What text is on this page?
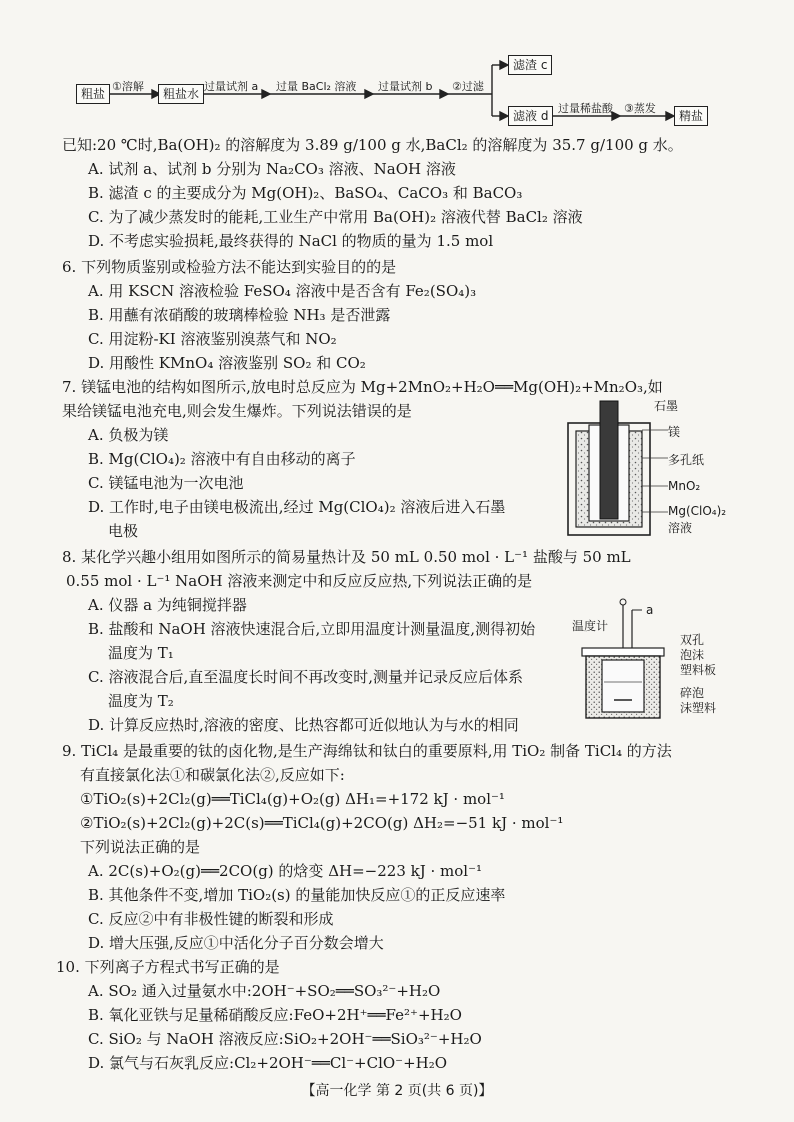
粗盐
①溶解
粗盐水
过量试剂 a 过量 BaCl₂ 溶液 过量试剂 b ②过滤
滤渣 c
滤液 d
过量稀盐酸 ③蒸发
精盐
已知:20 ℃时,Ba(OH)₂ 的溶解度为 3.89 g/100 g 水,BaCl₂ 的溶解度为 35.7 g/100 g 水。
A. 试剂 a、试剂 b 分别为 Na₂CO₃ 溶液、NaOH 溶液
B. 滤渣 c 的主要成分为 Mg(OH)₂、BaSO₄、CaCO₃ 和 BaCO₃
C. 为了减少蒸发时的能耗,工业生产中常用 Ba(OH)₂ 溶液代替 BaCl₂ 溶液
D. 不考虑实验损耗,最终获得的 NaCl 的物质的量为 1.5 mol
6. 下列物质鉴别或检验方法不能达到实验目的的是
A. 用 KSCN 溶液检验 FeSO₄ 溶液中是否含有 Fe₂(SO₄)₃
B. 用蘸有浓硝酸的玻璃棒检验 NH₃ 是否泄露
C. 用淀粉-KI 溶液鉴别溴蒸气和 NO₂
D. 用酸性 KMnO₄ 溶液鉴别 SO₂ 和 CO₂
7. 镁锰电池的结构如图所示,放电时总反应为 Mg+2MnO₂+H₂O══Mg(OH)₂+Mn₂O₃,如
果给镁锰电池充电,则会发生爆炸。下列说法错误的是
A. 负极为镁
B. Mg(ClO₄)₂ 溶液中有自由移动的离子
C. 镁锰电池为一次电池
D. 工作时,电子由镁电极流出,经过 Mg(ClO₄)₂ 溶液后进入石墨
电极
石墨
镁
多孔纸
MnO₂
Mg(ClO₄)₂
溶液
8. 某化学兴趣小组用如图所示的简易量热计及 50 mL 0.50 mol · L⁻¹ 盐酸与 50 mL
0.55 mol · L⁻¹ NaOH 溶液来测定中和反应反应热,下列说法正确的是
A. 仪器 a 为纯铜搅拌器
B. 盐酸和 NaOH 溶液快速混合后,立即用温度计测量温度,测得初始
温度为 T₁
C. 溶液混合后,直至温度长时间不再改变时,测量并记录反应后体系
温度为 T₂
D. 计算反应热时,溶液的密度、比热容都可近似地认为与水的相同
温度计
a
双孔
泡沫
塑料板
碎泡
沫塑料
9. TiCl₄ 是最重要的钛的卤化物,是生产海绵钛和钛白的重要原料,用 TiO₂ 制备 TiCl₄ 的方法
有直接氯化法①和碳氯化法②,反应如下:
①TiO₂(s)+2Cl₂(g)══TiCl₄(g)+O₂(g) ΔH₁=+172 kJ · mol⁻¹
②TiO₂(s)+2Cl₂(g)+2C(s)══TiCl₄(g)+2CO(g) ΔH₂=−51 kJ · mol⁻¹
下列说法正确的是
A. 2C(s)+O₂(g)══2CO(g) 的焓变 ΔH=−223 kJ · mol⁻¹
B. 其他条件不变,增加 TiO₂(s) 的量能加快反应①的正反应速率
C. 反应②中有非极性键的断裂和形成
D. 增大压强,反应①中活化分子百分数会增大
10. 下列离子方程式书写正确的是
A. SO₂ 通入过量氨水中:2OH⁻+SO₂══SO₃²⁻+H₂O
B. 氧化亚铁与足量稀硝酸反应:FeO+2H⁺══Fe²⁺+H₂O
C. SiO₂ 与 NaOH 溶液反应:SiO₂+2OH⁻══SiO₃²⁻+H₂O
D. 氯气与石灰乳反应:Cl₂+2OH⁻══Cl⁻+ClO⁻+H₂O
【高一化学 第 2 页(共 6 页)】
